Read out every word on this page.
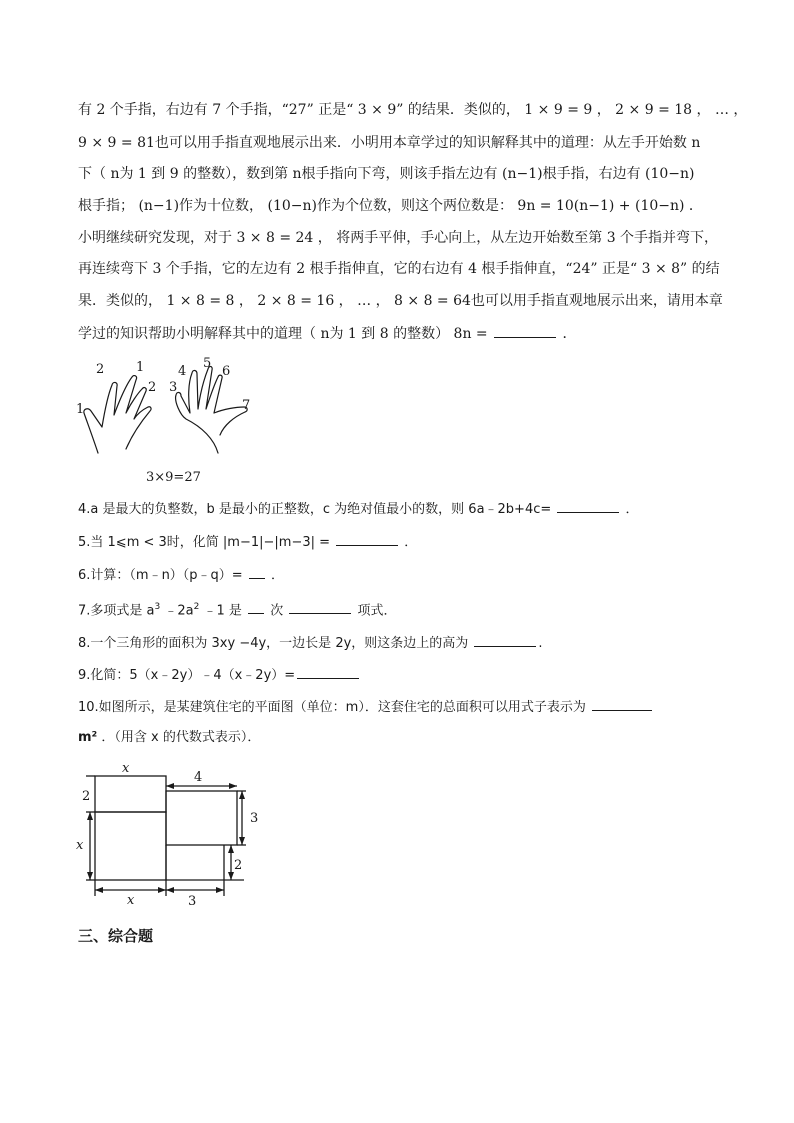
有 2 个手指，右边有 7 个手指，“27” 正是“ 3 × 9” 的结果．类似的， 1 × 9 = 9 ， 2 × 9 = 18 ， … ，
9 × 9 = 81也可以用手指直观地展示出来．小明用本章学过的知识解释其中的道理：从左手开始数 n
下（ n为 1 到 9 的整数），数到第 n根手指向下弯，则该手指左边有 (n−1)根手指，右边有 (10−n)
根手指； (n−1)作为十位数， (10−n)作为个位数，则这个两位数是： 9n = 10(n−1) + (10−n) ．
小明继续研究发现，对于 3 × 8 = 24 ， 将两手平伸，手心向上，从左边开始数至第 3 个手指并弯下，
再连续弯下 3 个手指，它的左边有 2 根手指伸直，它的右边有 4 根手指伸直，“24” 正是“ 3 × 8” 的结
果．类似的， 1 × 8 = 8 ， 2 × 8 = 16 ， … ， 8 × 8 = 64也可以用手指直观地展示出来，请用本章
学过的知识帮助小明解释其中的道理（ n为 1 到 8 的整数） 8n =	．
1
2 1
2 3
4
5
6
7
3×9=27
4.a 是最大的负整数，b 是最小的正整数，c 为绝对值最小的数，则 6a﹣2b+4c=	．
5.当 1⩽m < 3时，化简 |m−1|−|m−3| =	．
6.计算：（m﹣n）（p﹣q）= ．
7.多项式是 $a^3$ $﹣2a^2$ ﹣1 是 次	项式．
8.一个三角形的面积为 3xy −4y，一边长是 2y，则这条边上的高为	.
9.化简：5（x﹣2y）﹣4（x﹣2y）=
10.如图所示，是某建筑住宅的平面图（单位：m）．这套住宅的总面积可以用式子表示为
m² ．（用含 x 的代数式表示）．
x
4
2
x
3
2
x	3
三、综合题
